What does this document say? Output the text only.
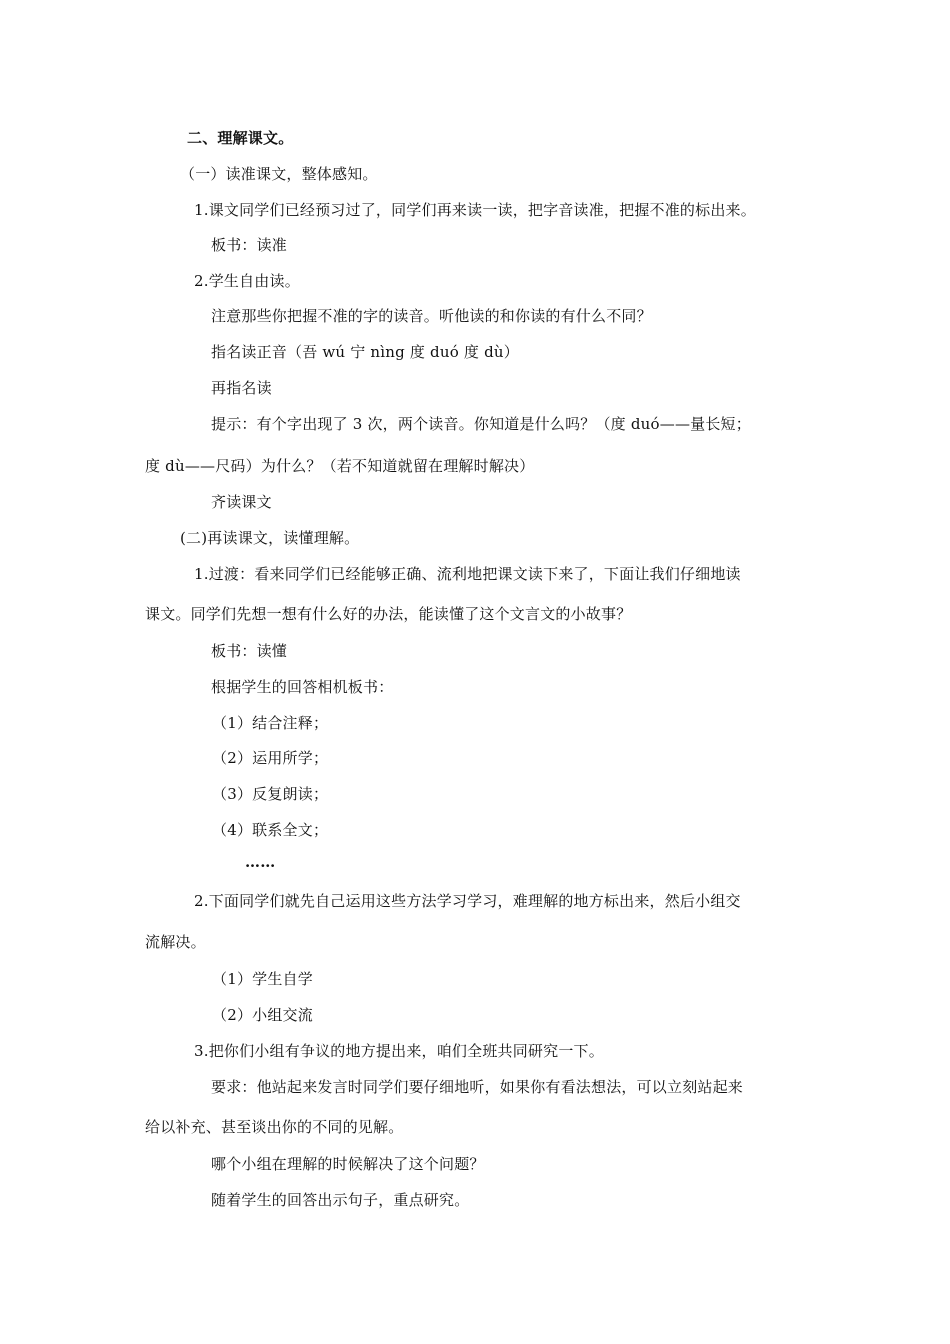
二、理解课文。
（一）读准课文，整体感知。
1.课文同学们已经预习过了，同学们再来读一读，把字音读准，把握不准的标出来。
板书：读准
2.学生自由读。
注意那些你把握不准的字的读音。听他读的和你读的有什么不同？
指名读正音（吾 wú 宁 nìng 度 duó 度 dù）
再指名读
提示：有个字出现了 3 次，两个读音。你知道是什么吗？（度 duó——量长短；
度 dù——尺码）为什么？（若不知道就留在理解时解决）
齐读课文
(二)再读课文，读懂理解。
1.过渡：看来同学们已经能够正确、流利地把课文读下来了，下面让我们仔细地读
课文。同学们先想一想有什么好的办法，能读懂了这个文言文的小故事？
板书：读懂
根据学生的回答相机板书：
（1）结合注释；
（2）运用所学；
（3）反复朗读；
（4）联系全文；
……
2.下面同学们就先自己运用这些方法学习学习，难理解的地方标出来，然后小组交
流解决。
（1）学生自学
（2）小组交流
3.把你们小组有争议的地方提出来，咱们全班共同研究一下。
要求：他站起来发言时同学们要仔细地听，如果你有看法想法，可以立刻站起来
给以补充、甚至谈出你的不同的见解。
哪个小组在理解的时候解决了这个问题？
随着学生的回答出示句子，重点研究。
